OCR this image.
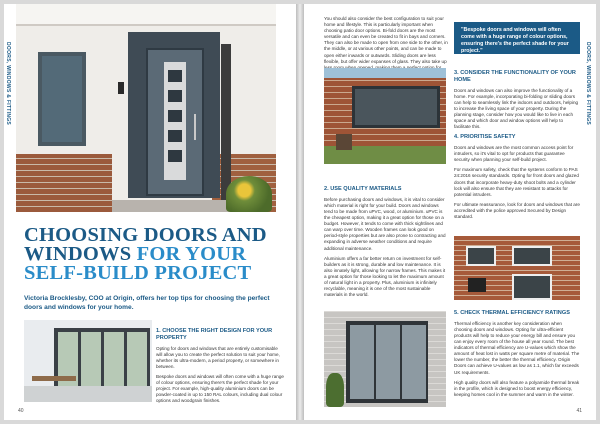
DOORS, WINDOWS & FITTINGS
CHOOSING DOORS AND
WINDOWS FOR YOUR
SELF-BUILD PROJECT
Victoria Brocklesby, COO at Origin, offers her top tips for choosing the perfect doors and windows for your home.
1. CHOOSE THE RIGHT DESIGN FOR YOUR PROPERTY

Opting for doors and windows that are entirely customisable will allow you to create the perfect solution to suit your home, whether its ultra-modern, a period property, or somewhere in between.

Bespoke doors and windows will often come with a huge range of colour options, ensuring there's the perfect shade for your project. For example, high-quality aluminium doors can be powder-coated in up to 150 RAL colours, including dual colour options and woodgrain finishes.

40
DOORS, WINDOWS & FITTINGS

You should also consider the best configuration to suit your home and lifestyle. This is particularly important when choosing patio door options. Bi-fold doors are the most versatile and can even be created to fit in bays and corners. They can also be made to open from one side to the other, in the middle, or at various other points, and can be made to open either inwards or outwards. Sliding doors are less flexible, but offer wider expanses of glass. They also take up

2. USE QUALITY MATERIALS

Before purchasing doors and windows, it is vital to consider which material is right for your build. Doors and windows tend to be made from uPVC, wood, or aluminium. uPVC is the cheapest option, making it a great option for those on a budget. However, it tends to come with thick sightlines and can warp over time. Wooden frames can look good on period-style properties but are also prone to contracting and expanding in adverse weather conditions and require additional maintenance.

Aluminium offers a far better return on investment for self-builders as it is strong, durable and low maintenance. It is also innately light, allowing for narrow frames. This makes it a great option for those looking to let the maximum amount of natural light in a property. Plus, aluminium is infinitely recyclable, meaning it is one of the most sustainable materials in the world.

"Bespoke doors and windows will often come with a huge range of colour options, ensuring there's the perfect shade for your project."
3. CONSIDER THE FUNCTIONALITY OF YOUR HOME

Doors and windows can also improve the functionality of a home. For example, incorporating bi-folding or sliding doors can help to seamlessly link the indoors and outdoors, helping to increase the living space of your property. During the planning stage, consider how you would like to live in each space and which door and window options will help to facilitate this.

4. PRIORITISE SAFETY

Doors and windows are the most common access point for intruders, so it's vital to opt for products that guarantee security when planning your self-build project.

For maximum safety, check that the systems conform to PAS 24:2016 security standards. Opting for front doors and glazed doors that incorporate heavy-duty shoot bolts and a cylinder lock will also ensure that they are resistant to attacks for potential intruders.

For ultimate reassurance, look for doors and windows that are accredited with the police approved Secured by Design standard.

5. CHECK THERMAL EFFICIENCY RATINGS

Thermal efficiency is another key consideration when choosing doors and windows. Opting for ultra-efficient products will help to reduce your energy bill and ensure you can enjoy every room of the house all year round. The best indicators of thermal efficiency are U-values which show the amount of heat lost in watts per square metre of material. The lower the number, the better the thermal efficiency. Origin Doors can achieve U-values as low as 1.1, which far exceeds UK requirements.

High quality doors will also feature a polyamide thermal break in the profile, which is designed to boost energy efficiency, keeping homes cool in the summer and warm in the winter.

41
